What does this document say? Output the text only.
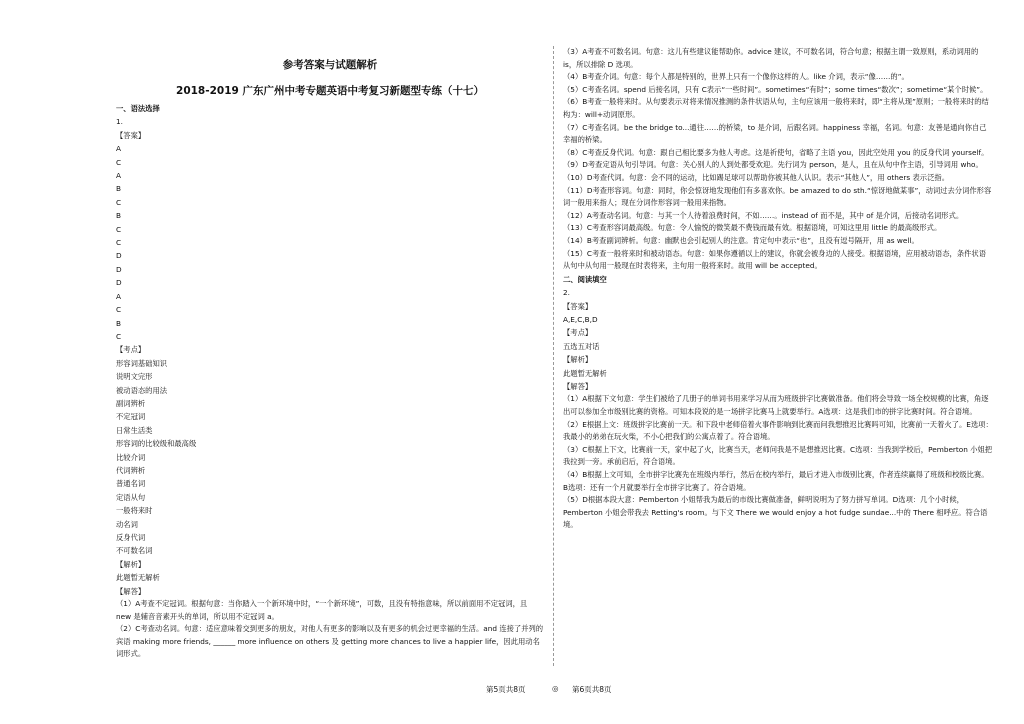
参考答案与试题解析
2018-2019 广东广州中考专题英语中考复习新题型专练（十七）
一、语法选择
1.
【答案】
A
C
A
B
C
B
C
C
D
D
D
A
C
B
C
【考点】
形容词基础知识
说明文完形
被动语态的用法
副词辨析
不定冠词
日常生活类
形容词的比较级和最高级
比较介词
代词辨析
普通名词
定语从句
一般将来时
动名词
反身代词
不可数名词
【解析】
此题暂无解析
【解答】
（1）A考查不定冠词。根据句意：当你踏入一个新环境中时，“一个新环境”，可数，且没有特指意味，所以前面用不定冠词，且 new 是辅音音素开头的单词，所以用不定冠词 a。
（2）C考查动名词。句意：适应意味着交到更多的朋友，对他人有更多的影响以及有更多的机会过更幸福的生活。and 连接了并列的宾语 making more friends, ______ more influence on others 及 getting more chances to live a happier life，因此用动名词形式。
（3）A考查不可数名词。句意：这儿有些建议能帮助你。advice 建议，不可数名词，符合句意；根据主谓一致原则，系动词用的 is，所以排除 D 选项。
（4）B考查介词。句意：每个人都是特别的，世界上只有一个像你这样的人。like 介词，表示“像……的”。
（5）C考查名词。spend 后接名词，只有 C表示“一些时间”。sometimes“有时”；some times“数次”；sometime“某个时候”。
（6）B考查一般将来时。从句要表示对将来情况推测的条件状语从句，主句应该用一般将来时，即“主将从现”原则；一般将来时的结构为：will+动词原形。
（7）C考查名词。be the bridge to...通往……的桥梁，to 是介词，后跟名词。happiness 幸福，名词。句意：友善是通向你自己幸福的桥梁。
（8）C考查反身代词。句意：跟自己相比要多为他人考虑。这是祈使句，省略了主语 you，因此空处用 you 的反身代词 yourself。
（9）D考查定语从句引导词。句意：关心别人的人到处都受欢迎。先行词为 person，是人，且在从句中作主语，引导词用 who。
（10）D考查代词。句意：会不同的运动，比如踢足球可以帮助你被其他人认识。表示“其他人”，用 others 表示泛指。
（11）D考查形容词。句意：同时，你会惊讶地发现他们有多喜欢你。be amazed to do sth.“惊讶地做某事”，动词过去分词作形容词一般用来指人；现在分词作形容词一般用来指物。
（12）A考查动名词。句意：与其一个人待着浪费时间，不如……。instead of 而不是，其中 of 是介词，后接动名词形式。
（13）C考查形容词最高级。句意：令人愉悦的微笑最不费钱而最有效。根据语境，可知这里用 little 的最高级形式。
（14）B考查副词辨析。句意：幽默也会引起别人的注意。肯定句中表示“也”，且没有逗号隔开，用 as well。
（15）C考查一般将来时和被动语态。句意：如果你遵循以上的建议，你就会被身边的人接受。根据语境，应用被动语态，条件状语从句中从句用一般现在时表将来，主句用一般将来时。故用 will be accepted。
二、阅读填空
2.
【答案】
A,E,C,B,D
【考点】
五选五对话
【解析】
此题暂无解析
【解答】
（1）A根据下文句意：学生们被给了几册子的单词书用来学习从而为班级拼字比赛做准备。他们将会导致一场全校规模的比赛，角逐出可以参加全市级别比赛的资格。可知本段说的是一场拼字比赛马上就要举行。A选项：这是我们市的拼字比赛时间。符合语境。
（2）E根据上文：班级拼字比赛前一天。和下段中老师倍着火事件影响到比赛而问我想推迟比赛吗可知，比赛前一天着火了。E选项：我最小的弟弟在玩火柴，不小心把我们的公寓点着了。符合语境。
（3）C根据上下文，比赛前一天，家中起了火，比赛当天，老师问我是不是想推迟比赛。C选项：当我到学校后，Pemberton 小姐把我拉到一旁。承前启后，符合语境。
（4）B根据上文可知，全市拼字比赛先在班级内举行，然后在校内举行，最后才进入市级别比赛，作者连续赢得了班级和校级比赛。B选项：还有一个月就要举行全市拼字比赛了。符合语境。
（5）D根据本段大意：Pemberton 小姐帮我为最后的市级比赛做准备，鲜明说明为了努力拼写单词。D选项：几个小时候，Pemberton 小姐会带我去 Retting's room。与下文 There we would enjoy a hot fudge sundae...中的 There 相呼应。符合语境。
第5页共8页	◎ 第6页共8页
